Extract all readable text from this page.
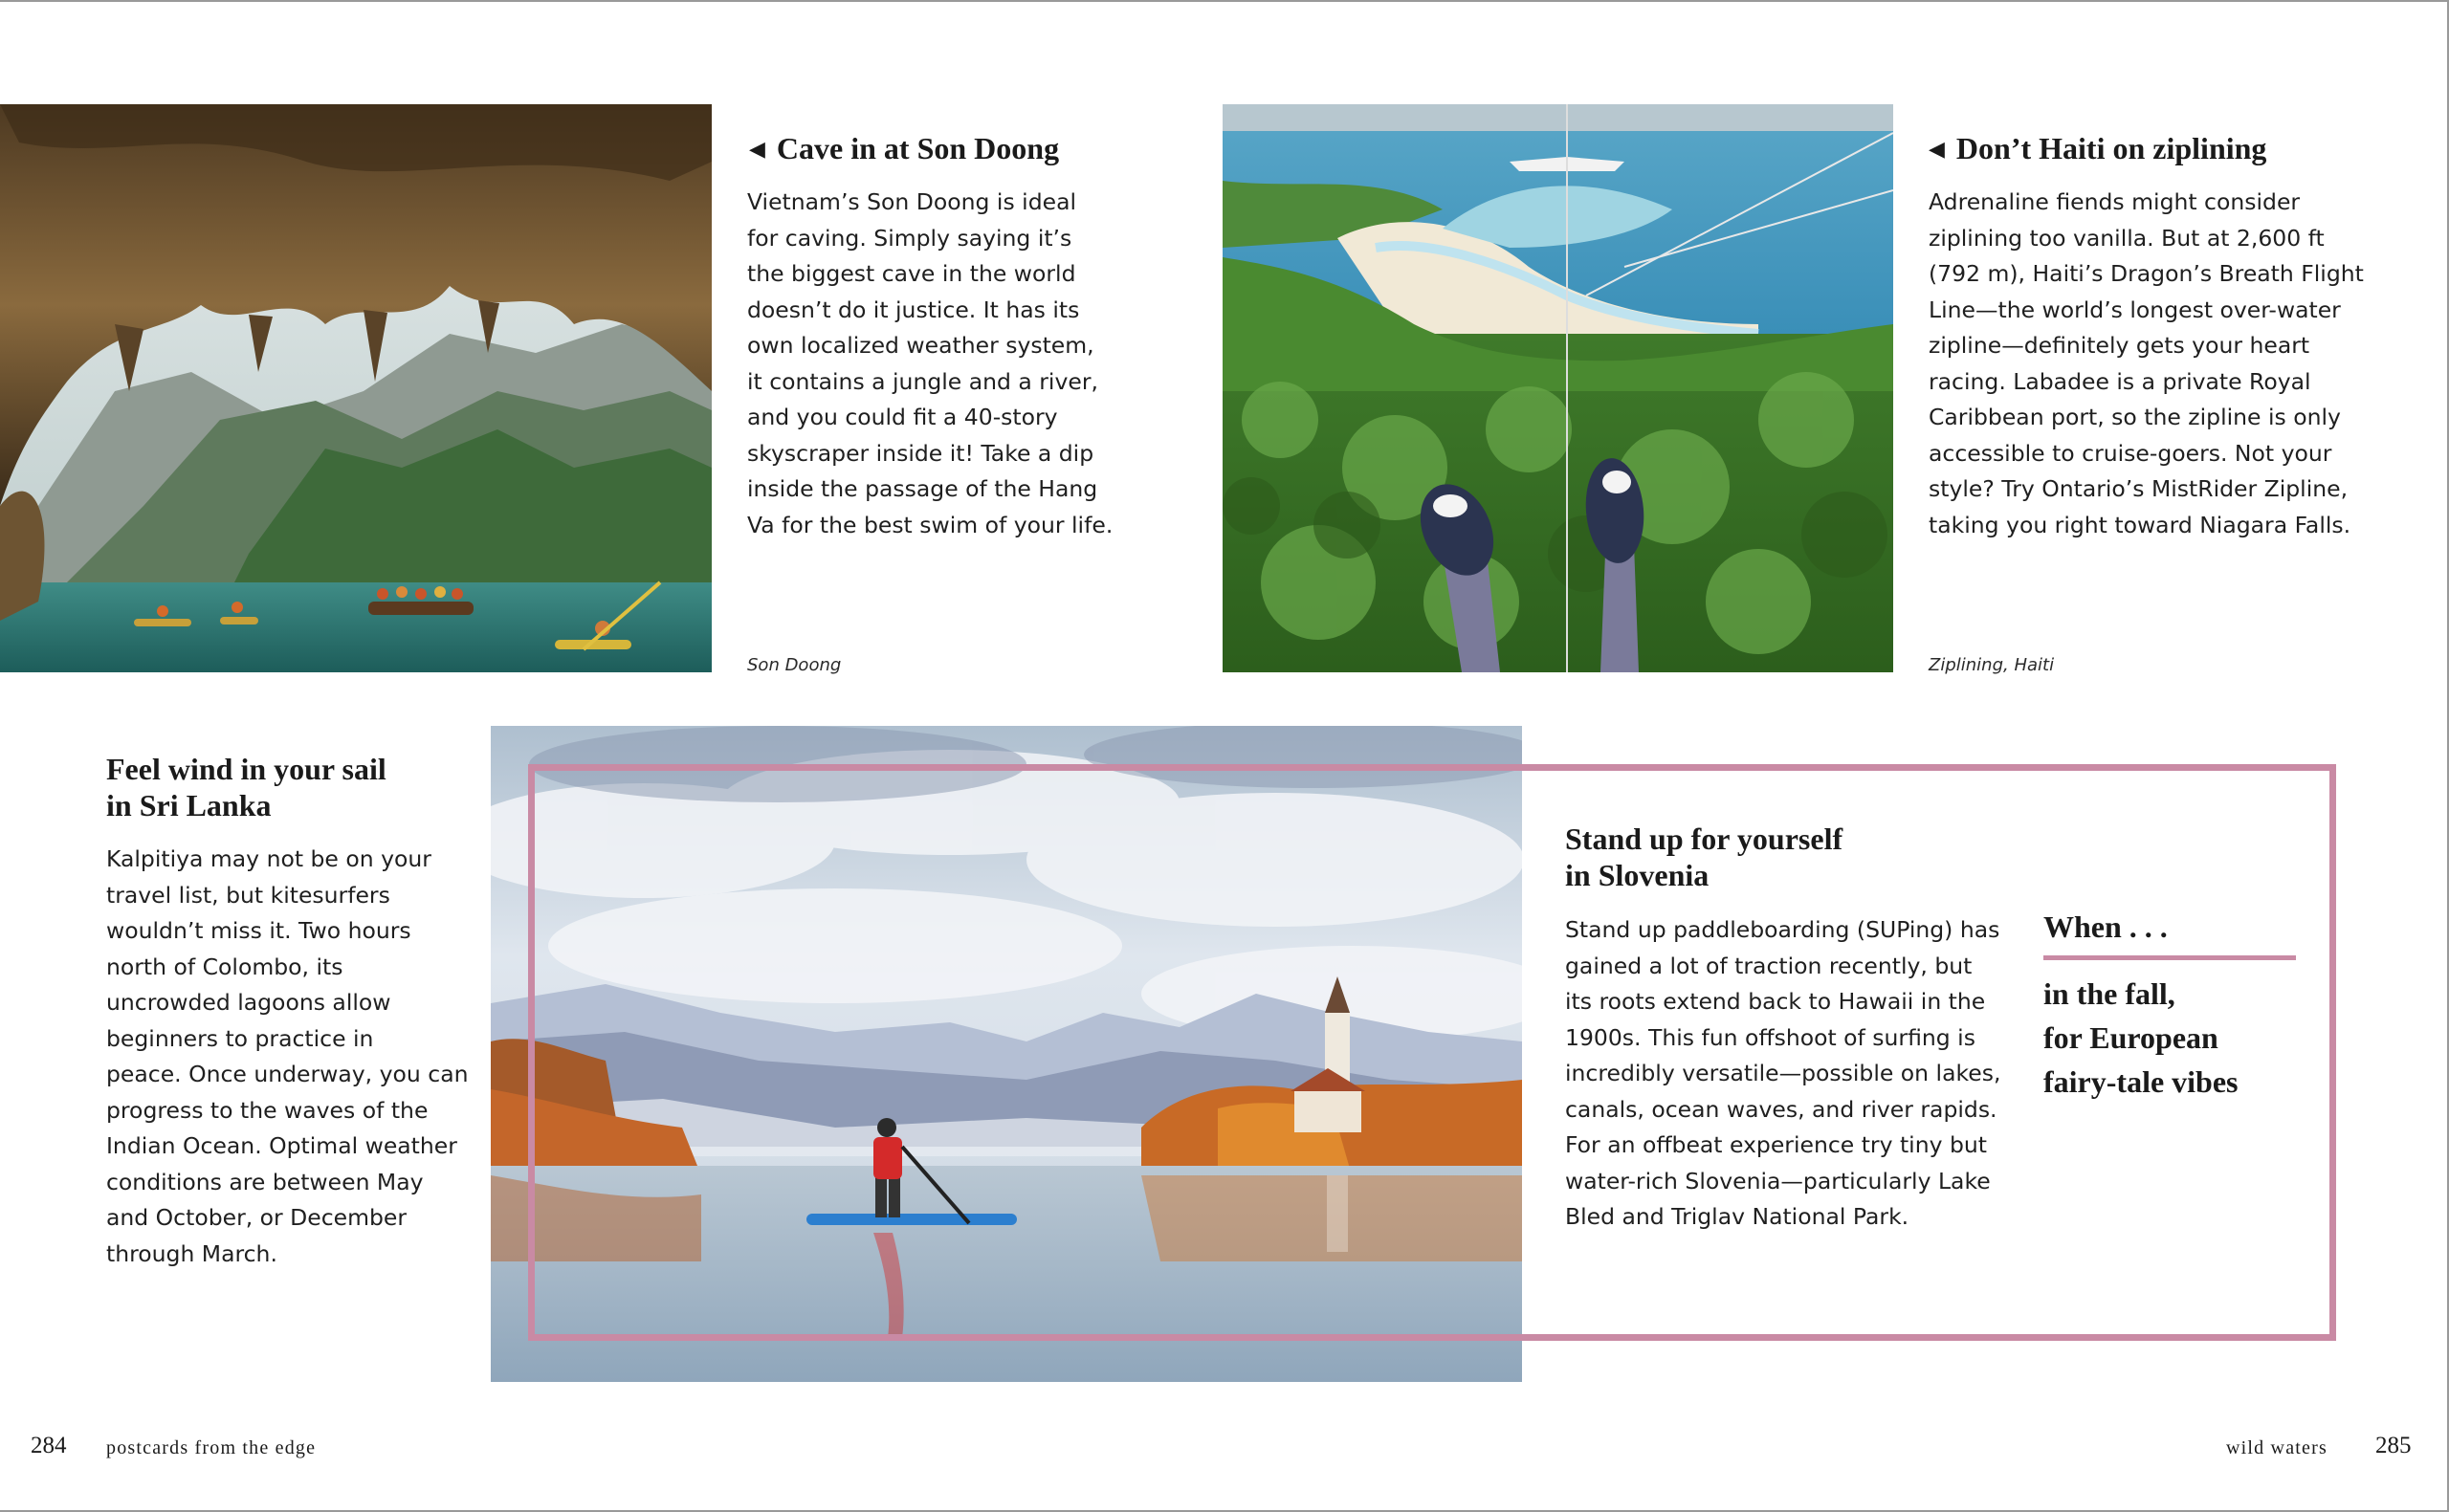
◀ Cave in at Son Doong
Vietnam’s Son Doong is ideal
for caving. Simply saying it’s
the biggest cave in the world
doesn’t do it justice. It has its
own localized weather system,
it contains a jungle and a river,
and you could fit a 40-story
skyscraper inside it! Take a dip
inside the passage of the Hang
Va for the best swim of your life.
Son Doong
◀ Don’t Haiti on ziplining
Adrenaline fiends might consider
ziplining too vanilla. But at 2,600 ft
(792 m), Haiti’s Dragon’s Breath Flight
Line—the world’s longest over-water
zipline—definitely gets your heart
racing. Labadee is a private Royal
Caribbean port, so the zipline is only
accessible to cruise-goers. Not your
style? Try Ontario’s MistRider Zipline,
taking you right toward Niagara Falls.
Ziplining, Haiti
Feel wind in your sail
in Sri Lanka
Kalpitiya may not be on your
travel list, but kitesurfers
wouldn’t miss it. Two hours
north of Colombo, its
uncrowded lagoons allow
beginners to practice in
peace. Once underway, you can
progress to the waves of the
Indian Ocean. Optimal weather
conditions are between May
and October, or December
through March.
Stand up for yourself
in Slovenia
Stand up paddleboarding (SUPing) has
gained a lot of traction recently, but
its roots extend back to Hawaii in the
1900s. This fun offshoot of surfing is
incredibly versatile—possible on lakes,
canals, ocean waves, and river rapids.
For an offbeat experience try tiny but
water-rich Slovenia—particularly Lake
Bled and Triglav National Park.
When . . .
in the fall,
for European
fairy-tale vibes
284 postcards from the edge	wild waters 285
